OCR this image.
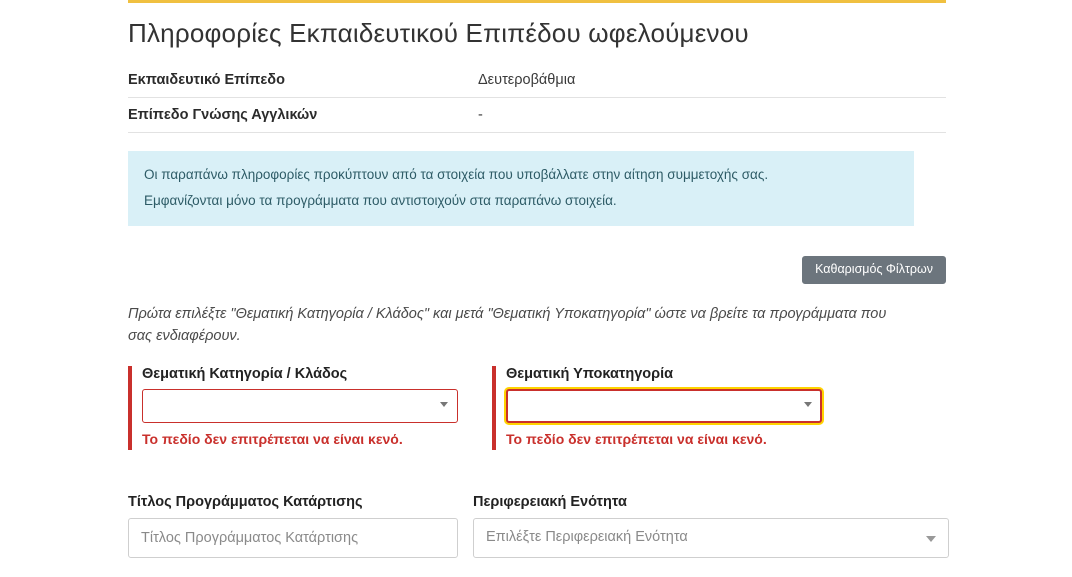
Πληροφορίες Εκπαιδευτικού Επιπέδου ωφελούμενου
Εκπαιδευτικό Επίπεδο	Δευτεροβάθμια
Επίπεδο Γνώσης Αγγλικών	-

Οι παραπάνω πληροφορίες προκύπτουν από τα στοιχεία που υποβάλλατε στην αίτηση συμμετοχής σας.

Εμφανίζονται μόνο τα προγράμματα που αντιστοιχούν στα παραπάνω στοιχεία.

Καθαρισμός Φίλτρων
Πρώτα επιλέξτε "Θεματική Κατηγορία / Κλάδος" και μετά "Θεματική Υποκατηγορία" ώστε να βρείτε τα προγράμματα που σας ενδιαφέρουν.
Θεματική Κατηγορία / Κλάδος
Το πεδίο δεν επιτρέπεται να είναι κενό.
Θεματική Υποκατηγορία
Το πεδίο δεν επιτρέπεται να είναι κενό.
Τίτλος Προγράμματος Κατάρτισης
Τίτλος Προγράμματος Κατάρτισης	Περιφερειακή Ενότητα
Επιλέξτε Περιφερειακή Ενότητα
